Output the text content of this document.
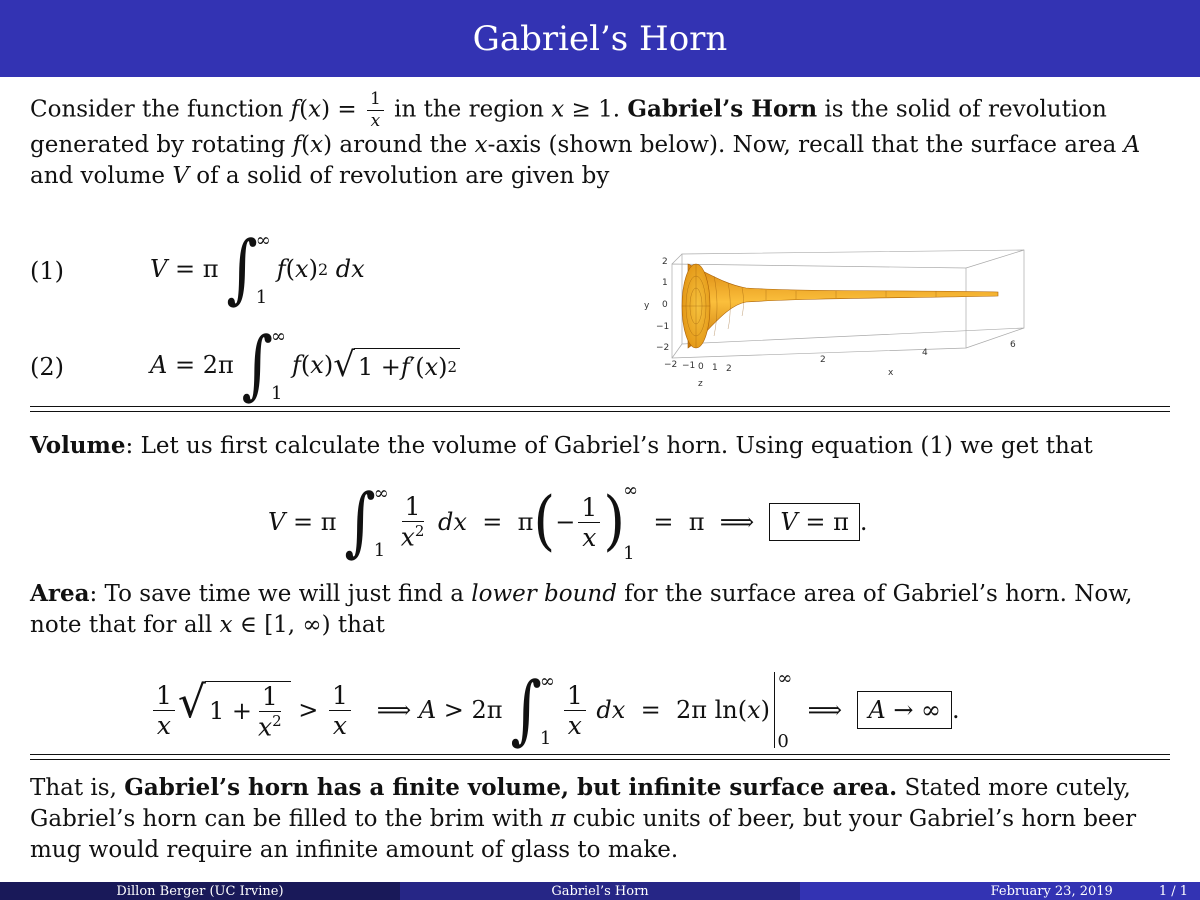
Gabriel’s Horn
Consider the function $f(x) = \frac{1}{x}$ in the region x ≥ 1. Gabriel’s Horn is the solid of revolution generated by rotating f(x) around the x-axis (shown below). Now, recall that the surface area A and volume V of a solid of revolution are given by
(1)	V = π ∫
∞
1
f ( x ) 2
dx
(2)	A = 2π ∫
∞
1
f ( x ) √ 1 + f ′( x ) 2
2
1
0
−1
−2
y
−2 −1 0 1 2
z
2
4
6
x
Volume: Let us first calculate the volume of Gabriel’s horn. Using equation (1) we get that
V = π ∫
∞
1
$\frac{1}{x^2}$
dx =  π ( − $\frac{1}{x}$ )
∞
1
=  π  ⟹ V = π .
Area: To save time we will just find a lower bound for the surface area of Gabriel’s horn. Now, note that for all x ∈ [1, ∞) that
$\frac{1}{x}$ √ $1 + \frac{1}{x^2} > \frac{1}{x}$ ⟹ A > 2π ∫
∞
1
$\frac{1}{x}$
dx =  2π ln( x )
∞
0
⟹ A → ∞ .
That is, Gabriel’s horn has a finite volume, but infinite surface area. Stated more cutely, Gabriel’s horn can be filled to the brim with π cubic units of beer, but your Gabriel’s horn beer mug would require an infinite amount of glass to make.
Dillon Berger (UC Irvine)	Gabriel’s Horn	February 23, 2019	1 / 1
